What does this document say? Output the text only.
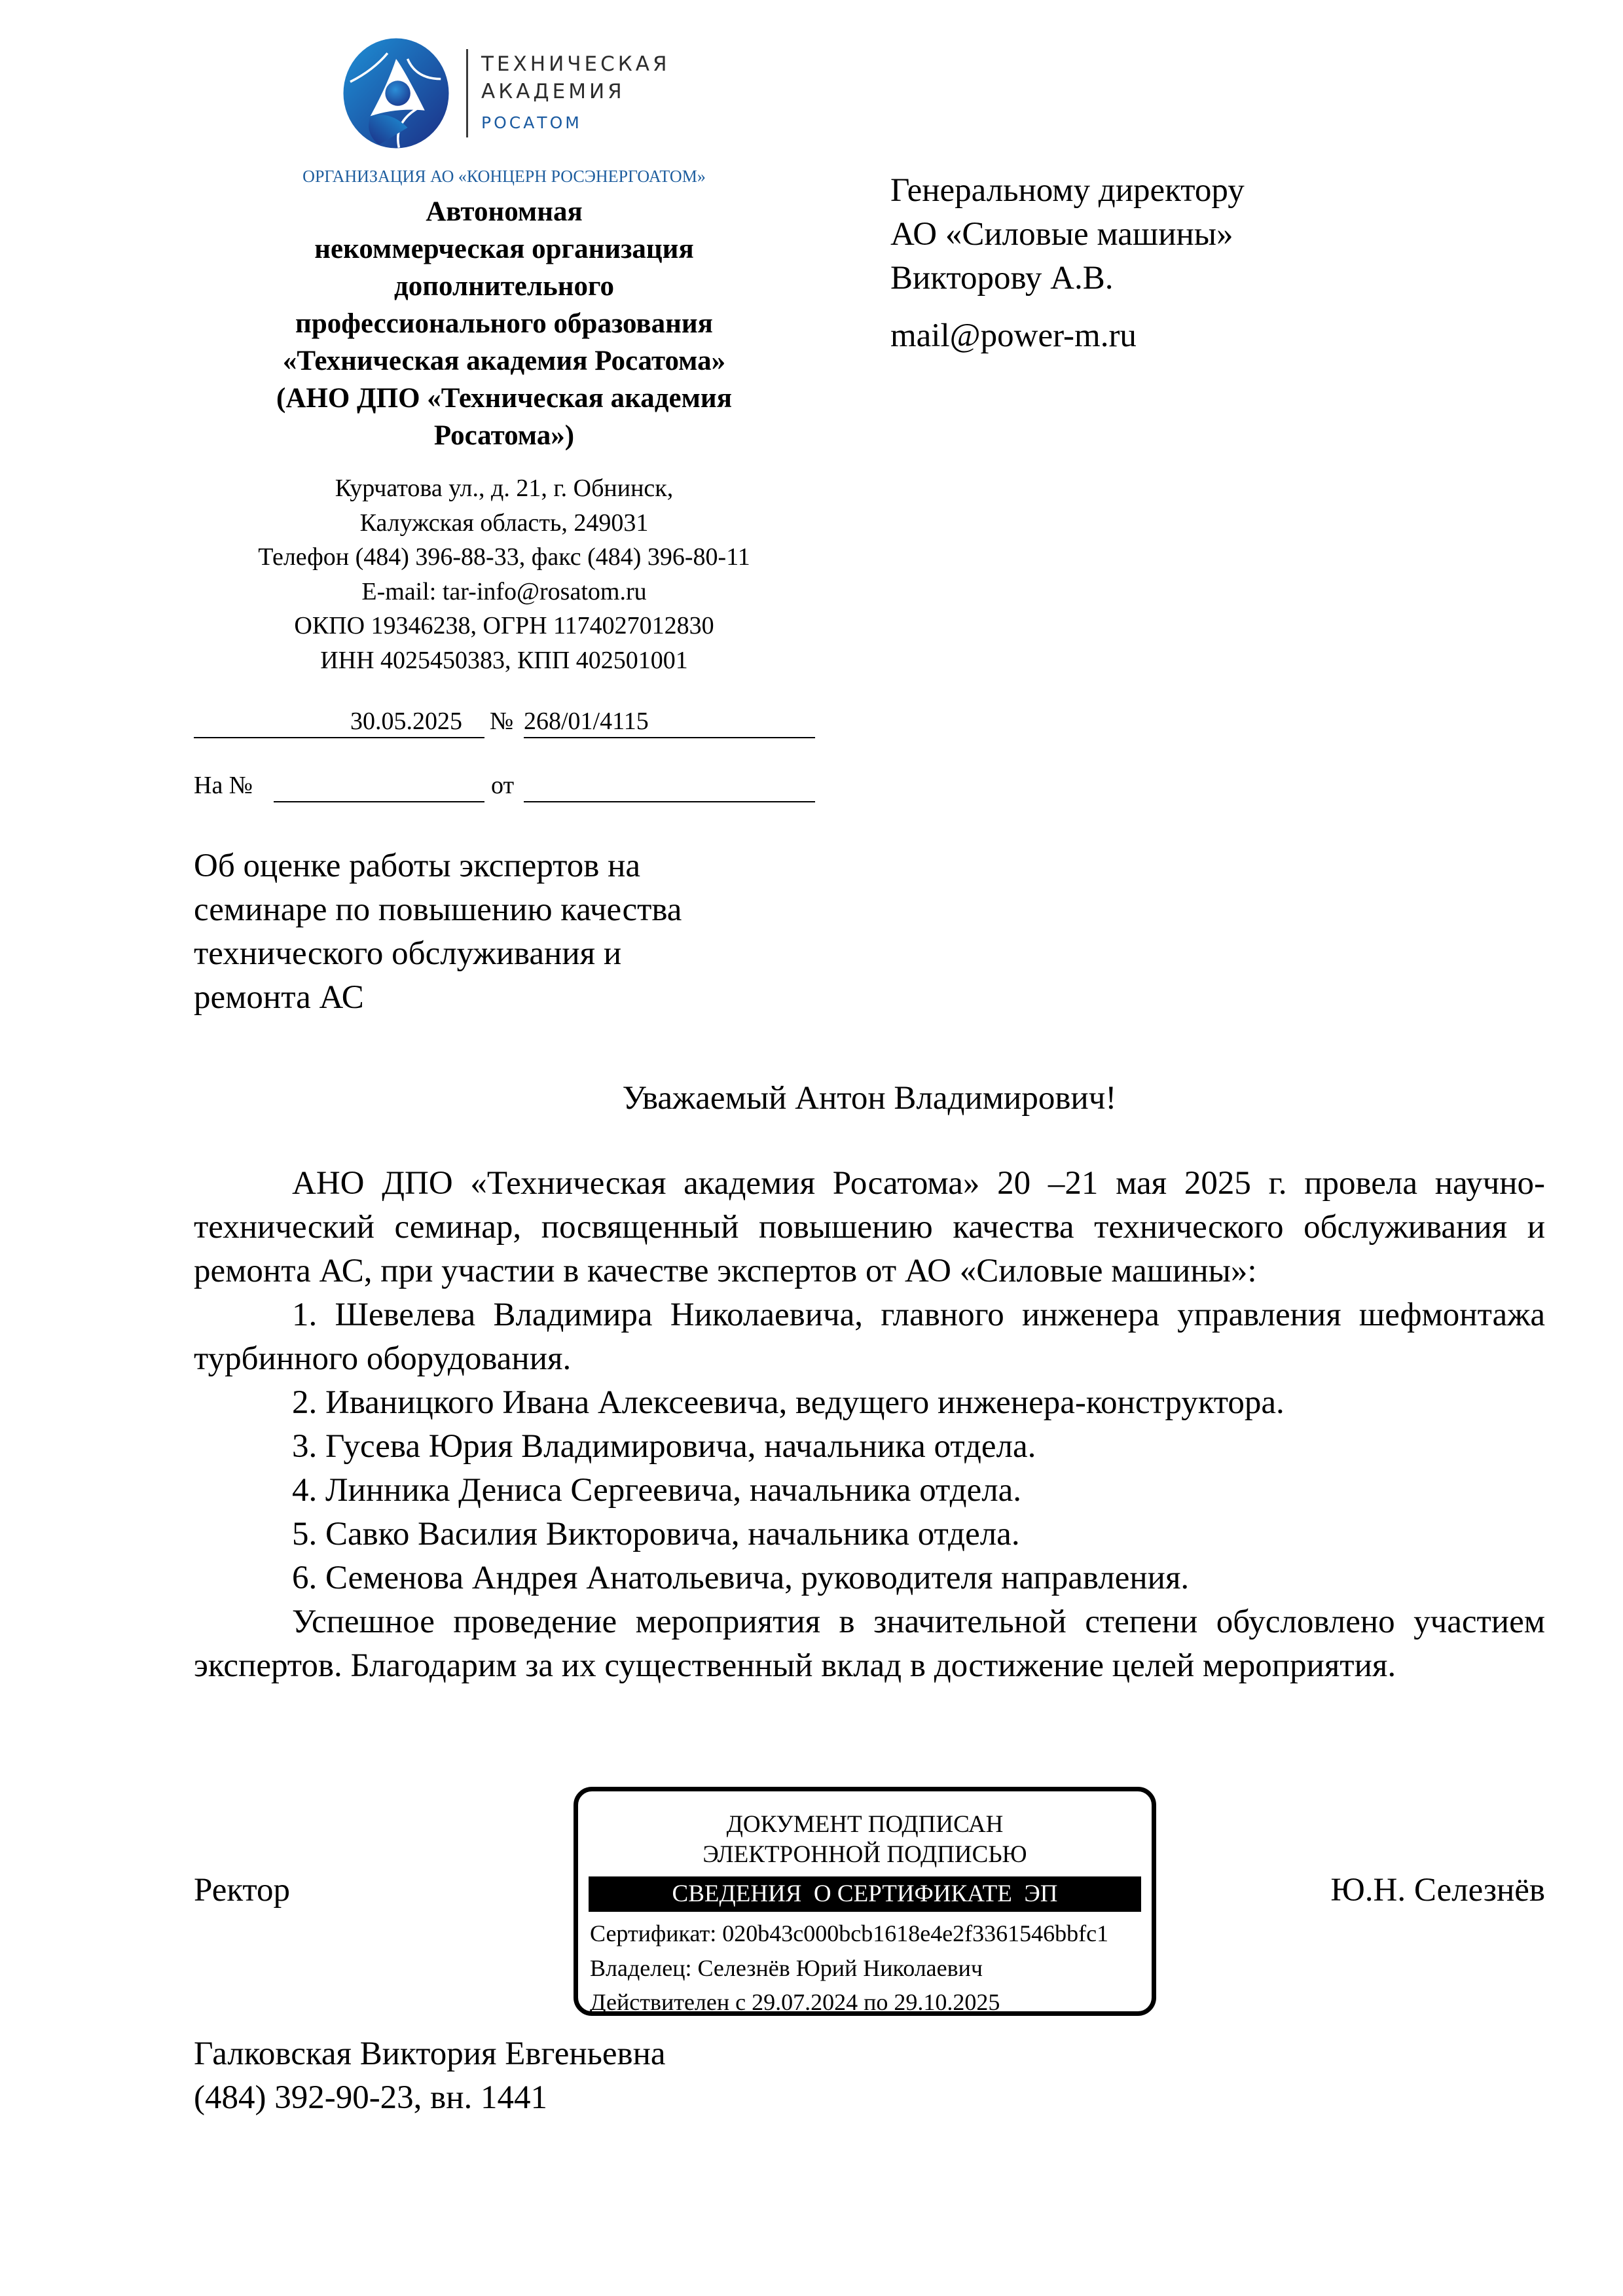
ТЕХНИЧЕСКАЯ
АКАДЕМИЯ
РОСАТОМ
ОРГАНИЗАЦИЯ АО «КОНЦЕРН РОСЭНЕРГОАТОМ»
Автономная
некоммерческая организация
дополнительного
профессионального образования
«Техническая академия Росатома»
(АНО ДПО «Техническая академия
Росатома»)
Курчатова ул., д. 21, г. Обнинск,
Калужская область, 249031
Телефон (484) 396-88-33, факс (484) 396-80-11
E-mail: tar-info@rosatom.ru
ОКПО 19346238, ОГРН 1174027012830
ИНН 4025450383, КПП 402501001
30.05.2025 № 268/01/4115
На №	от
Генеральному директору
АО «Силовые машины»
Викторову А.В.
mail@power-m.ru
Об оценке работы экспертов на
семинаре по повышению качества
технического обслуживания и
ремонта АС
Уважаемый Антон Владимирович!

АНО ДПО «Техническая академия Росатома» 20 –21 мая 2025 г. провела научно-технический семинар, посвященный повышению качества технического обслуживания и ремонта АС, при участии в качестве экспертов от АО «Силовые машины»:

1. Шевелева Владимира Николаевича, главного инженера управления шефмонтажа турбинного оборудования.

2. Иваницкого Ивана Алексеевича, ведущего инженера-конструктора.

3. Гусева Юрия Владимировича, начальника отдела.

4. Линника Дениса Сергеевича, начальника отдела.

5. Савко Василия Викторовича, начальника отдела.

6. Семенова Андрея Анатольевича, руководителя направления.

Успешное проведение мероприятия в значительной степени обусловлено участием экспертов. Благодарим за их существенный вклад в достижение целей мероприятия.

Ректор
ДОКУМЕНТ ПОДПИСАН
ЭЛЕКТРОННОЙ ПОДПИСЬЮ
СВЕДЕНИЯ  О СЕРТИФИКАТЕ  ЭП
Сертификат: 020b43c000bcb1618e4e2f3361546bbfc1
Владелец: Селезнёв Юрий Николаевич
Действителен с 29.07.2024 по 29.10.2025
Ю.Н. Селезнёв
Галковская Виктория Евгеньевна
(484) 392-90-23, вн. 1441
